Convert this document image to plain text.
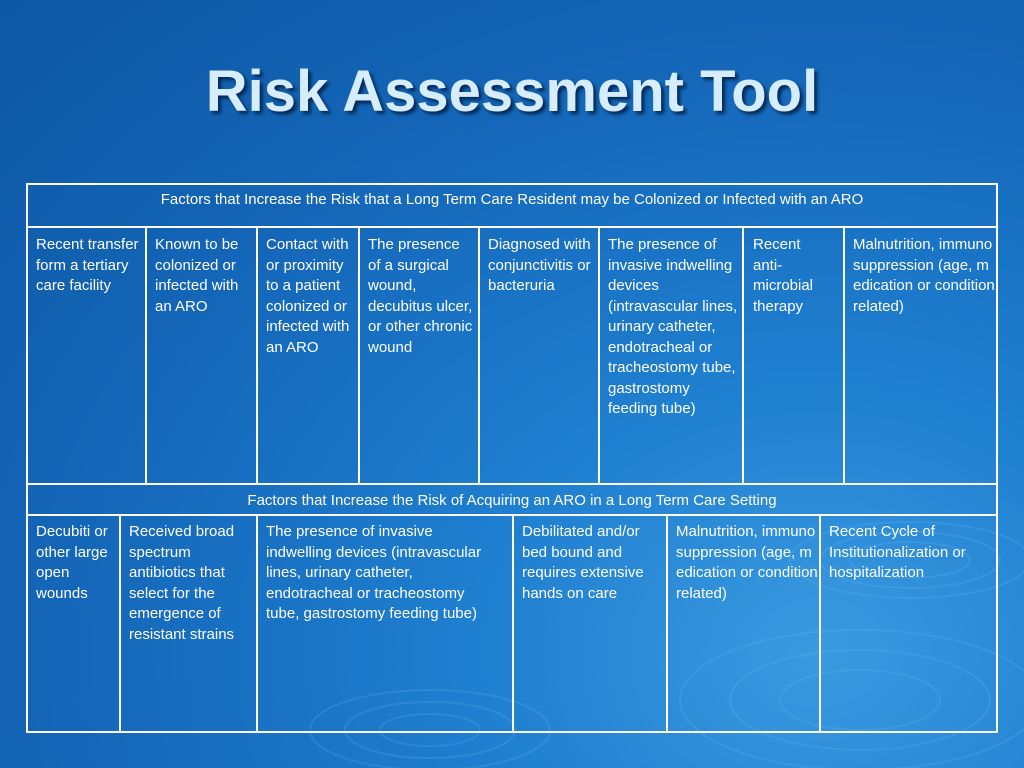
Risk Assessment Tool
Factors that Increase the Risk that a Long Term Care Resident may be Colonized or Infected with an ARO
Recent transfer form a tertiary care facility
Known to be colonized or infected with an ARO
Contact with or proximity to a patient colonized or infected with an ARO
The presence of a surgical wound, decubitus ulcer, or other chronic wound
Diagnosed with conjunctivitis or bacteruria
The presence of invasive indwelling devices (intravascular lines, urinary catheter, endotracheal or tracheostomy tube, gastrostomy feeding tube)
Recent anti-microbial therapy
Malnutrition, immunosuppression (age, medication or condition related)
Factors that Increase the Risk of Acquiring an ARO in a Long Term Care Setting
Decubiti or other large open wounds
Received broad spectrum antibiotics that select for the emergence of resistant strains
The presence of invasive indwelling devices (intravascular lines, urinary catheter, endotracheal or tracheostomy tube, gastrostomy feeding tube)
Debilitated and/or bed bound and requires extensive hands on care
Malnutrition, immunosuppression (age, medication or condition related)
Recent Cycle of Institutionalization or hospitalization
